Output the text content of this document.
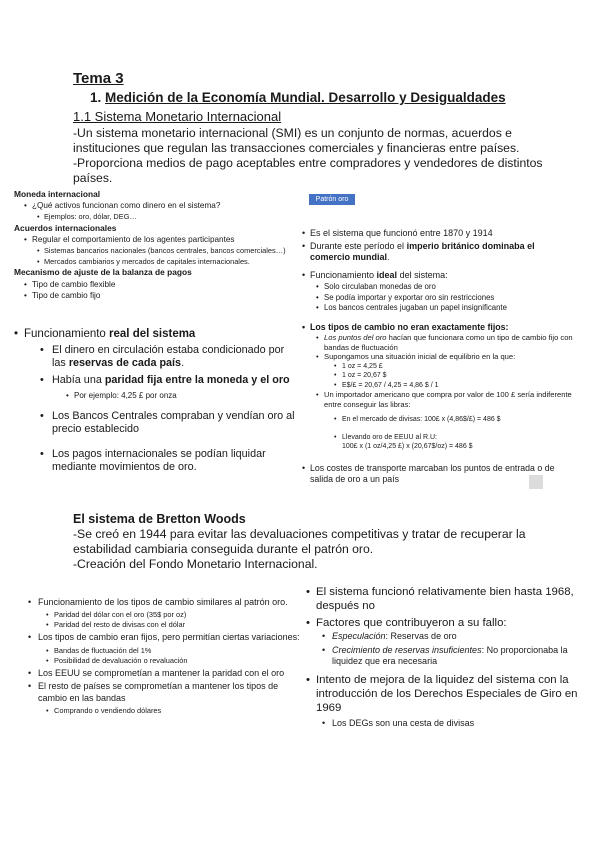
Tema 3
1. Medición de la Economía Mundial. Desarrollo y Desigualdades
1.1 Sistema Monetario Internacional
-Un sistema monetario internacional (SMI) es un conjunto de normas, acuerdos e instituciones que regulan las transacciones comerciales y financieras entre países.
-Proporciona medios de pago aceptables entre compradores y vendedores de distintos países.
Moneda internacional
• ¿Qué activos funcionan como dinero en el sistema?
• Ejemplos: oro, dólar, DEG…
Acuerdos internacionales
• Regular el comportamiento de los agentes participantes
• Sistemas bancarios nacionales (bancos centrales, bancos comerciales…)
• Mercados cambiarios y mercados de capitales internacionales.
Mecanismo de ajuste de la balanza de pagos
• Tipo de cambio flexible
• Tipo de cambio fijo
• Funcionamiento real del sistema
• El dinero en circulación estaba condicionado por las reservas de cada país.
• Había una paridad fija entre la moneda y el oro
• Por ejemplo: 4,25 £ por onza
• Los Bancos Centrales compraban y vendían oro al precio establecido
• Los pagos internacionales se podían liquidar mediante movimientos de oro.
Patrón oro
• Es el sistema que funcionó entre 1870 y 1914
• Durante este período el imperio británico dominaba el comercio mundial.
• Funcionamiento ideal del sistema:
• Solo circulaban monedas de oro
• Se podía importar y exportar oro sin restricciones
• Los bancos centrales jugaban un papel insignificante
• Los tipos de cambio no eran exactamente fijos:
• Los puntos del oro hacían que funcionara como un tipo de cambio fijo con bandas de fluctuación
• Supongamos una situación inicial de equilibrio en la que:
• 1 oz = 4,25 £
• 1 oz = 20,67 $
• E$/£ = 20,67 / 4,25 = 4,86 $ / 1
• Un importador americano que compra por valor de 100 £ sería indiferente entre conseguir las libras:
• En el mercado de divisas: 100£ x (4,86$/£) = 486 $
• Llevando oro de EEUU al R.U:
100£ x (1 oz/4,25 £) x (20,67$/oz) = 486 $
• Los costes de transporte marcaban los puntos de entrada o de salida de oro a un país
El sistema de Bretton Woods
-Se creó en 1944 para evitar las devaluaciones competitivas y tratar de recuperar la estabilidad cambiaria conseguida durante el patrón oro.
-Creación del Fondo Monetario Internacional.
• Funcionamiento de los tipos de cambio similares al patrón oro.
• Paridad del dólar con el oro (35$ por oz)
• Paridad del resto de divisas con el dólar
• Los tipos de cambio eran fijos, pero permitían ciertas variaciones:
• Bandas de fluctuación del 1%
• Posibilidad de devaluación o revaluación
• Los EEUU se comprometían a mantener la paridad con el oro
• El resto de países se comprometían a mantener los tipos de cambio en las bandas
• Comprando o vendiendo dólares
• El sistema funcionó relativamente bien hasta 1968, después no
• Factores que contribuyeron a su fallo:
• Especulación: Reservas de oro
• Crecimiento de reservas insuficientes: No proporcionaba la liquidez que era necesaria
• Intento de mejora de la liquidez del sistema con la introducción de los Derechos Especiales de Giro en 1969
• Los DEGs son una cesta de divisas
